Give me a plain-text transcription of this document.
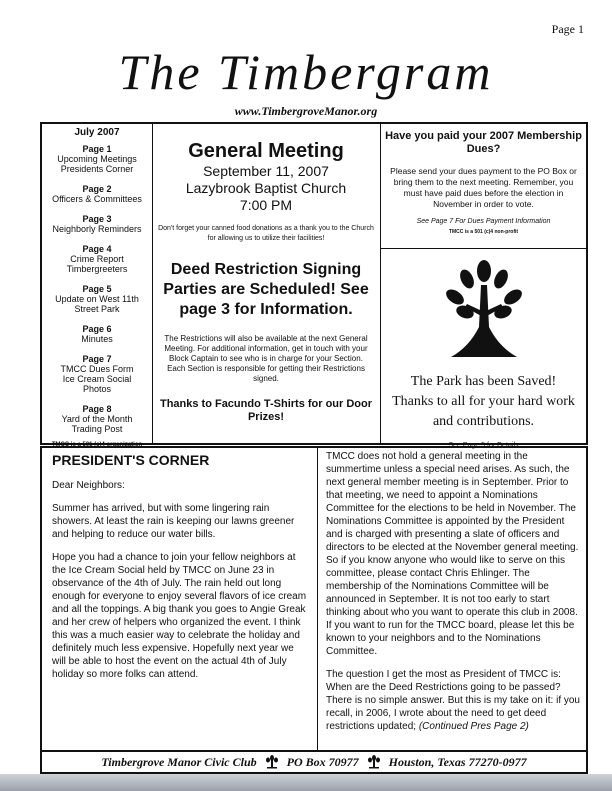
Page 1
The Timbergram
www.TimbergroveManor.org
July 2007
Page 1
Upcoming Meetings
Presidents Corner
Page 2
Officers & Committees
Page 3
Neighborly Reminders
Page 4
Crime Report
Timbergreeters
Page 5
Update on West 11th
Street Park
Page 6
Minutes
Page 7
TMCC Dues Form
Ice Cream Social
Photos
Page 8
Yard of the Month
Trading Post
TMCC is a 501 (c)4 organization
General Meeting
September 11, 2007
Lazybrook Baptist Church
7:00 PM
Don't forget your canned food donations as a thank you to the Church for allowing us to utilize their facilities!
Deed Restriction Signing Parties are Scheduled! See page 3 for Information.
The Restrictions will also be available at the next General Meeting. For additional information, get in touch with your Block Captain to see who is in charge for your Section. Each Section is responsible for getting their Restrictions signed.
Thanks to Facundo T-Shirts for our Door Prizes!
Have you paid your 2007 Membership Dues?
Please send your dues payment to the PO Box or bring them to the next meeting. Remember, you must have paid dues before the election in November in order to vote.
See Page 7 For Dues Payment Information
TMCC is a 501 (c)4 non-profit
The Park has been Saved!
Thanks to all for your hard work and contributions.
See Page 5 for Details
PRESIDENT'S CORNER

Dear Neighbors:

Summer has arrived, but with some lingering rain showers. At least the rain is keeping our lawns greener and helping to reduce our water bills.

Hope you had a chance to join your fellow neighbors at the Ice Cream Social held by TMCC on June 23 in observance of the 4th of July. The rain held out long enough for everyone to enjoy several flavors of ice cream and all the toppings. A big thank you goes to Angie Greak and her crew of helpers who organized the event. I think this was a much easier way to celebrate the holiday and definitely much less expensive. Hopefully next year we will be able to host the event on the actual 4th of July holiday so more folks can attend.

TMCC does not hold a general meeting in the summertime unless a special need arises. As such, the next general member meeting is in September. Prior to that meeting, we need to appoint a Nominations Committee for the elections to be held in November. The Nominations Committee is appointed by the President and is charged with presenting a slate of officers and directors to be elected at the November general meeting. So if you know anyone who would like to serve on this committee, please contact Chris Ehlinger. The membership of the Nominations Committee will be announced in September. It is not too early to start thinking about who you want to operate this club in 2008. If you want to run for the TMCC board, please let this be known to your neighbors and to the Nominations Committee.

The question I get the most as President of TMCC is: When are the Deed Restrictions going to be passed? There is no simple answer. But this is my take on it: if you recall, in 2006, I wrote about the need to get deed restrictions updated; (Continued Pres Page 2)

Timbergrove Manor Civic Club	PO Box 70977	Houston, Texas 77270-0977
